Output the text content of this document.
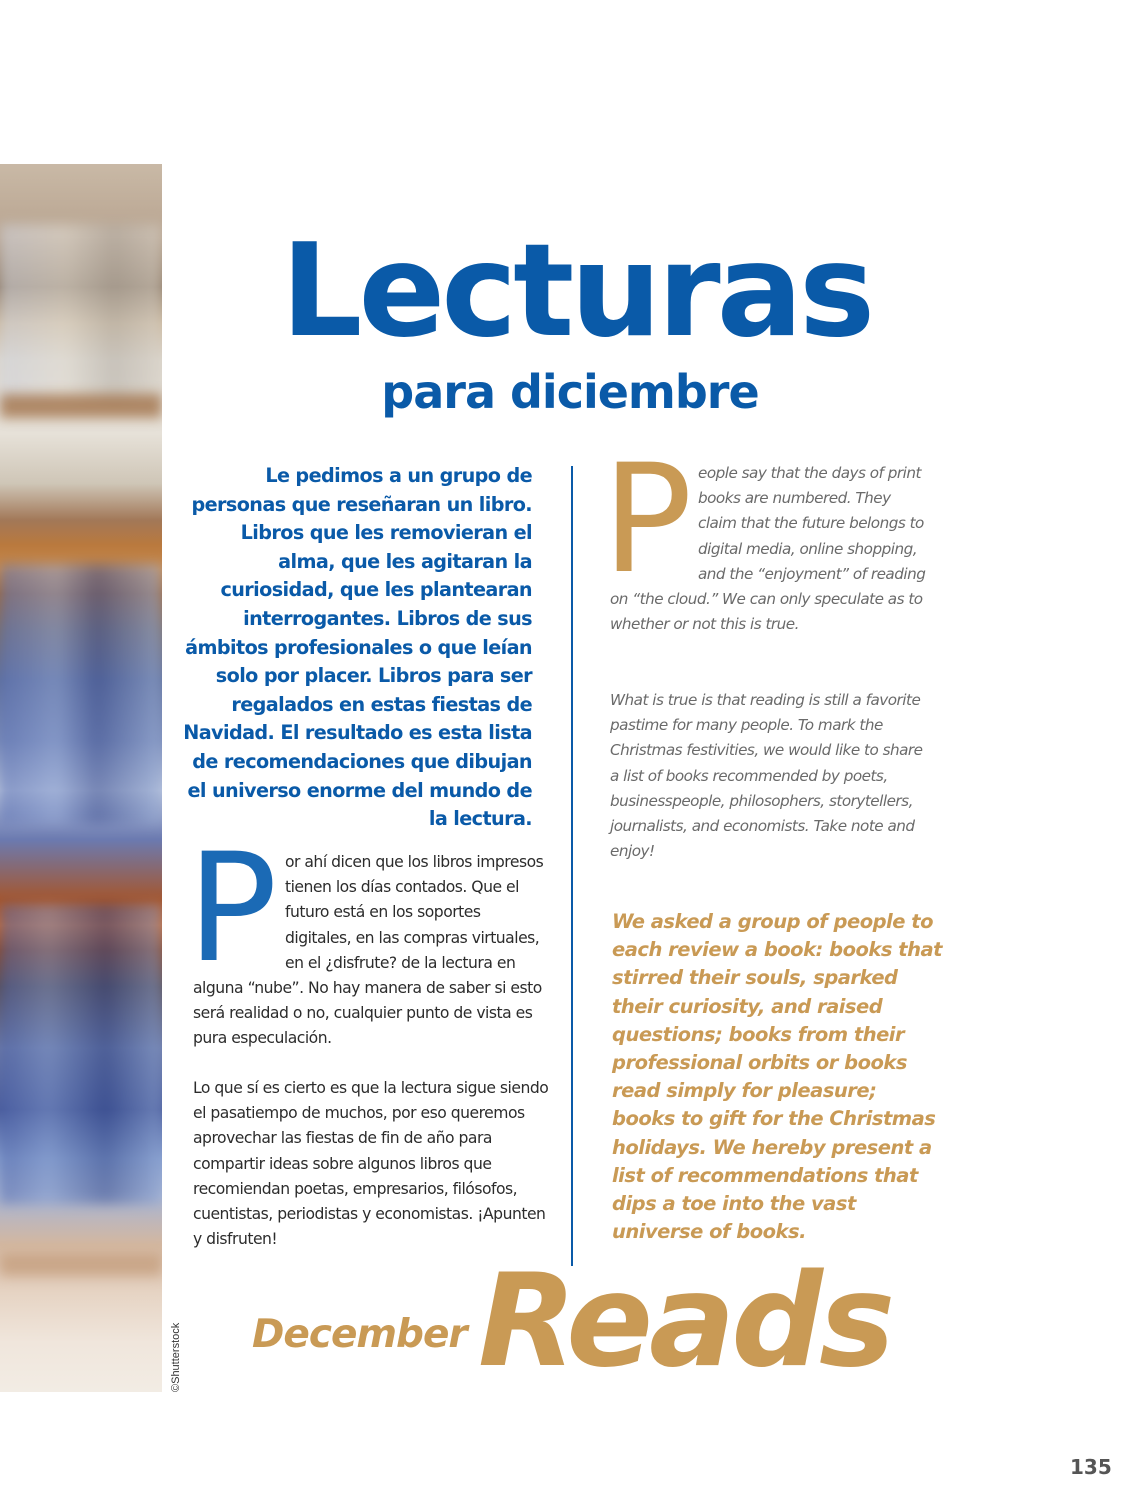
©Shutterstock
Lecturas
para diciembre

Le pedimos a un grupo de personas que reseñaran un libro. Libros que les removieran el alma, que les agitaran la curiosidad, que les plantearan interrogantes. Libros de sus ámbitos profesionales o que leían solo por placer. Libros para ser regalados en estas fiestas de Navidad. El resultado es esta lista de recomendaciones que dibujan el universo enorme del mundo de la lectura.

Por ahí dicen que los libros impresos tienen los días contados. Que el futuro está en los soportes digitales, en las compras virtuales, en el ¿disfrute? de la lectura en alguna “nube”. No hay manera de saber si esto será realidad o no, cualquier punto de vista es pura especulación.

Lo que sí es cierto es que la lectura sigue siendo el pasatiempo de muchos, por eso queremos aprovechar las fiestas de fin de año para compartir ideas sobre algunos libros que recomiendan poetas, empresarios, filósofos, cuentistas, periodistas y economistas. ¡Apunten y disfruten!

People say that the days of print books are numbered. They claim that the future belongs to digital media, online shopping, and the “enjoyment” of reading on “the cloud.” We can only speculate as to whether or not this is true.

What is true is that reading is still a favorite pastime for many people. To mark the Christmas festivities, we would like to share a list of books recommended by poets, businesspeople, philosophers, storytellers, journalists, and economists. Take note and enjoy!

We asked a group of people to each review a book: books that stirred their souls, sparked their curiosity, and raised questions; books from their professional orbits or books read simply for pleasure; books to gift for the Christmas holidays. We hereby present a list of recommendations that dips a toe into the vast universe of books.

December Reads
135
